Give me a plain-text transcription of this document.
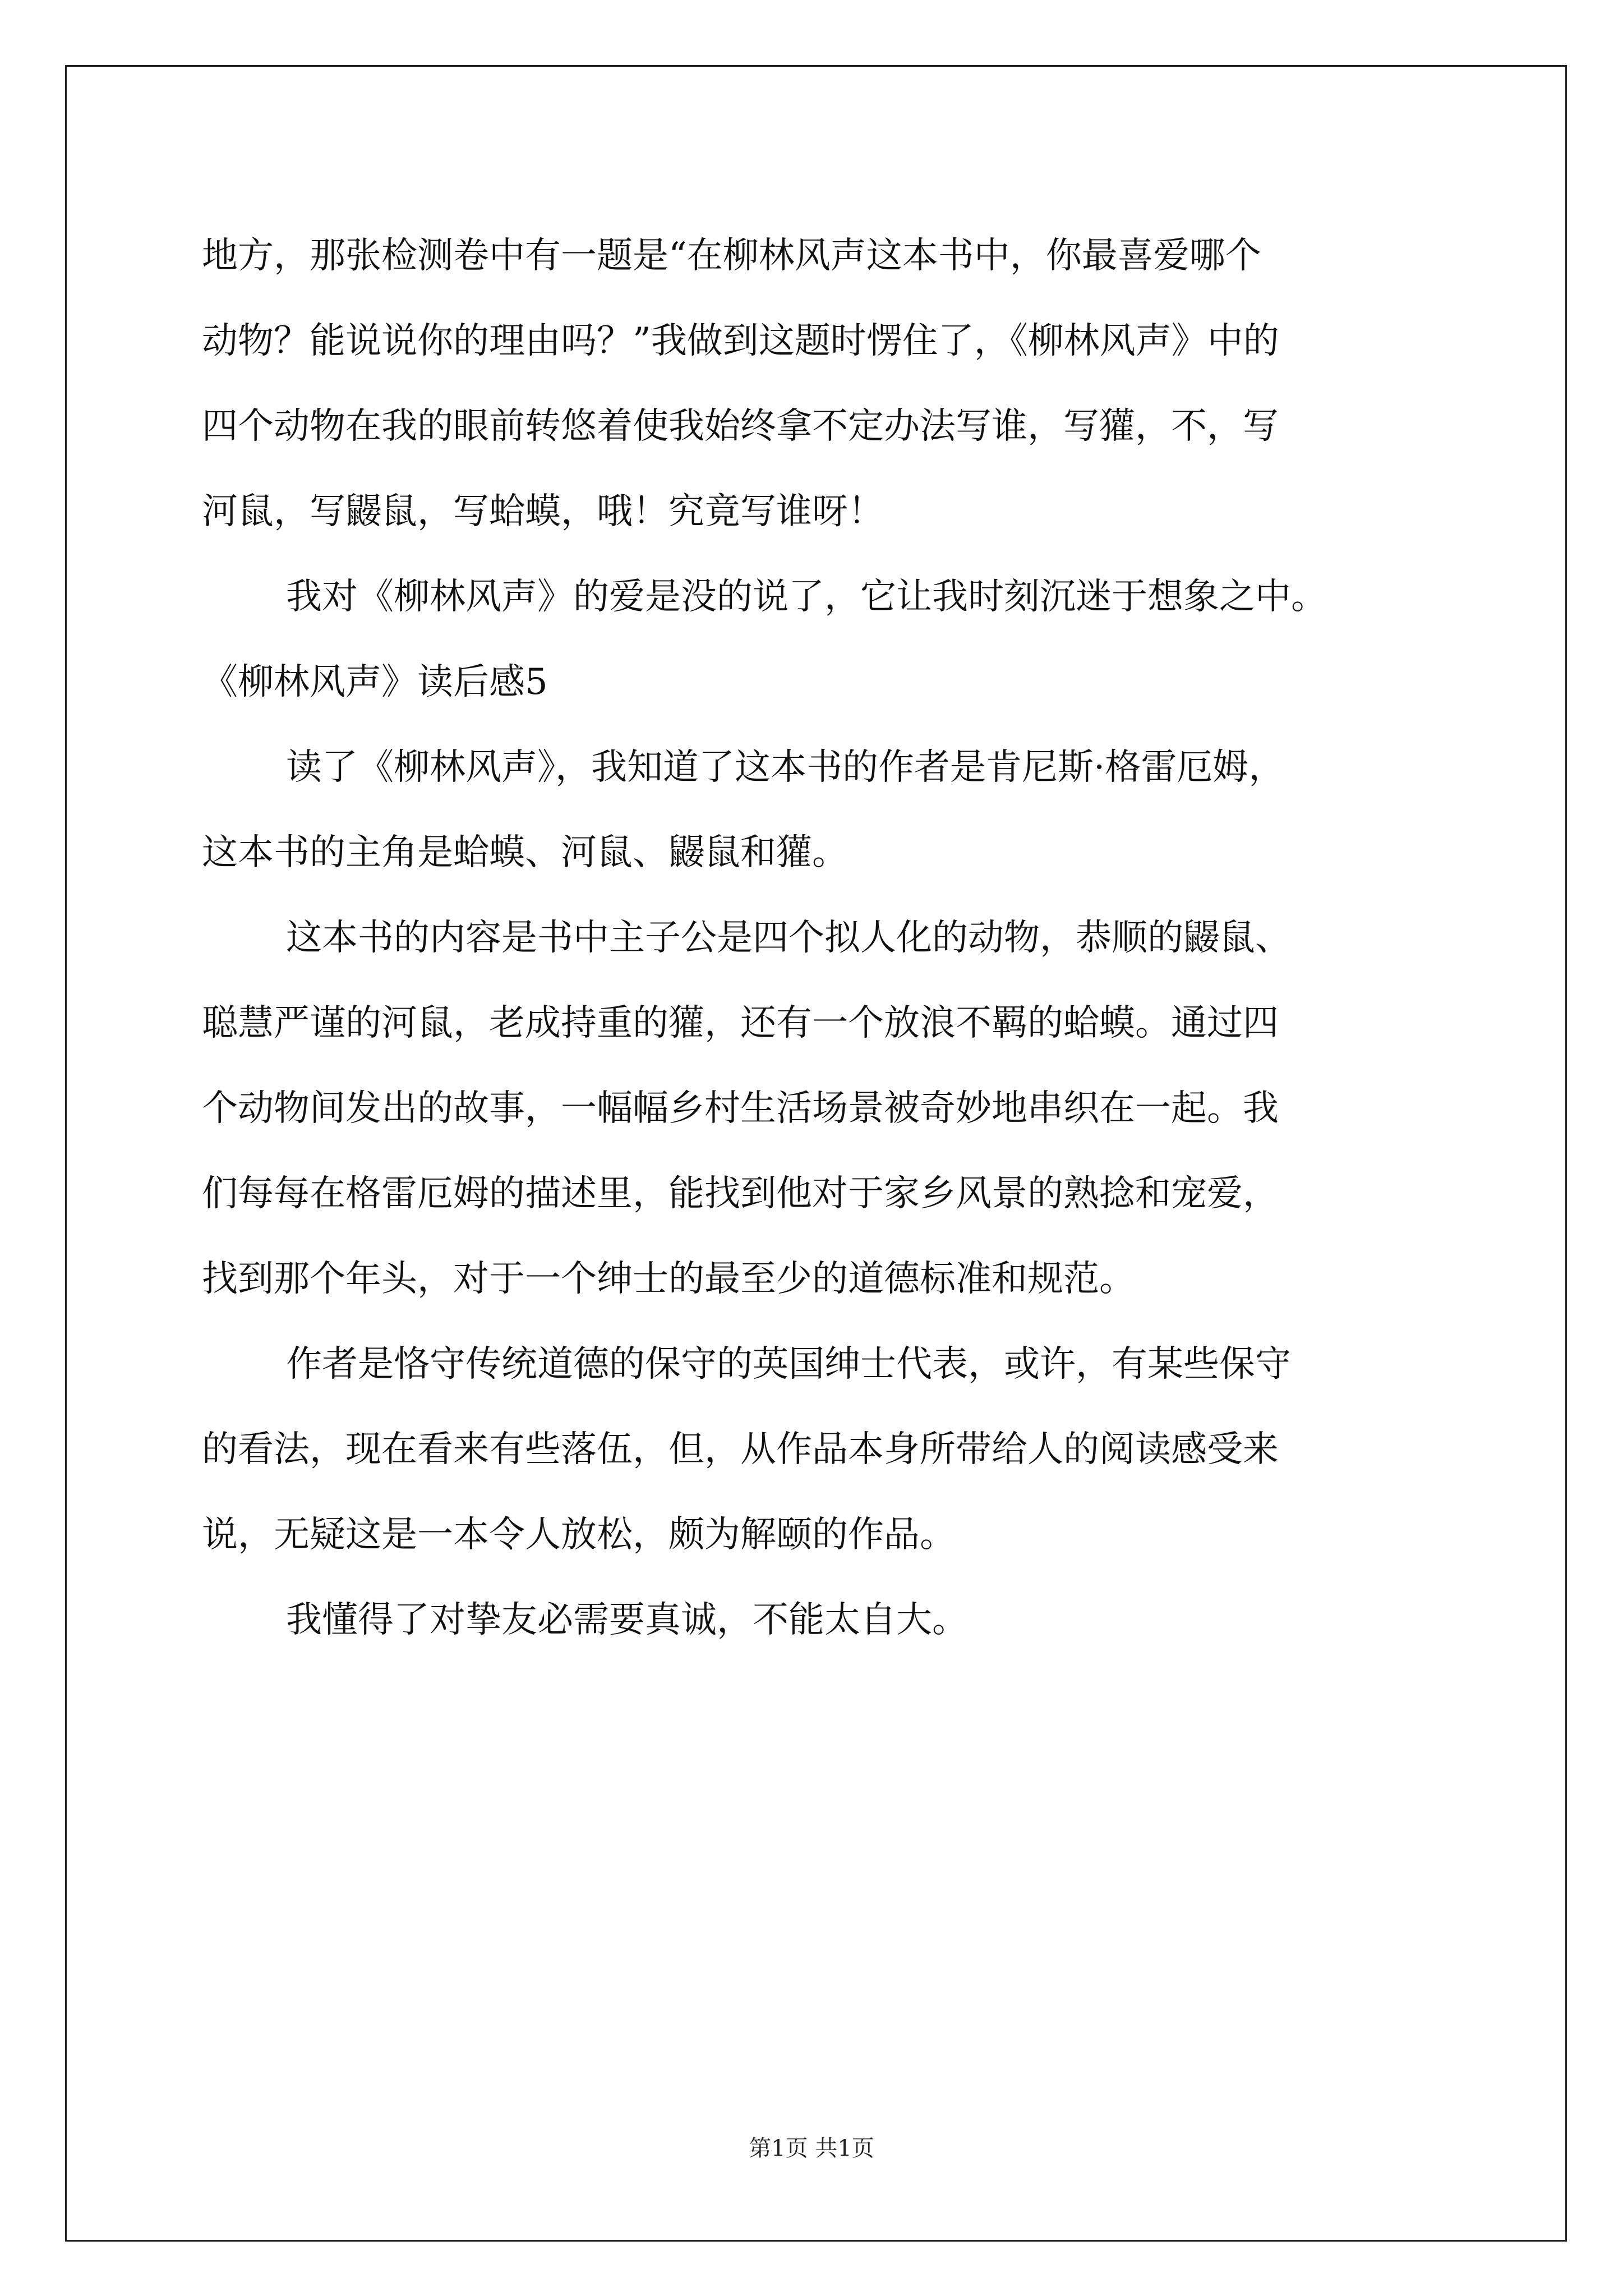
地方，那张检测卷中有一题是“在柳林风声这本书中，你最喜爱哪个
动物？能说说你的理由吗？”我做到这题时愣住了，《柳林风声》中的
四个动物在我的眼前转悠着使我始终拿不定办法写谁，写獾，不，写
河鼠，写鼹鼠，写蛤蟆，哦！究竟写谁呀！
我对《柳林风声》的爱是没的说了，它让我时刻沉迷于想象之中。
《柳林风声》读后感5
读了《柳林风声》，我知道了这本书的作者是肯尼斯·格雷厄姆，
这本书的主角是蛤蟆、河鼠、鼹鼠和獾。
这本书的内容是书中主子公是四个拟人化的动物，恭顺的鼹鼠、
聪慧严谨的河鼠，老成持重的獾，还有一个放浪不羁的蛤蟆。通过四
个动物间发出的故事，一幅幅乡村生活场景被奇妙地串织在一起。我
们每每在格雷厄姆的描述里，能找到他对于家乡风景的熟捻和宠爱，
找到那个年头，对于一个绅士的最至少的道德标准和规范。
作者是恪守传统道德的保守的英国绅士代表，或许，有某些保守
的看法，现在看来有些落伍，但，从作品本身所带给人的阅读感受来
说，无疑这是一本令人放松，颇为解颐的作品。
我懂得了对挚友必需要真诚，不能太自大。
第1页 共1页
